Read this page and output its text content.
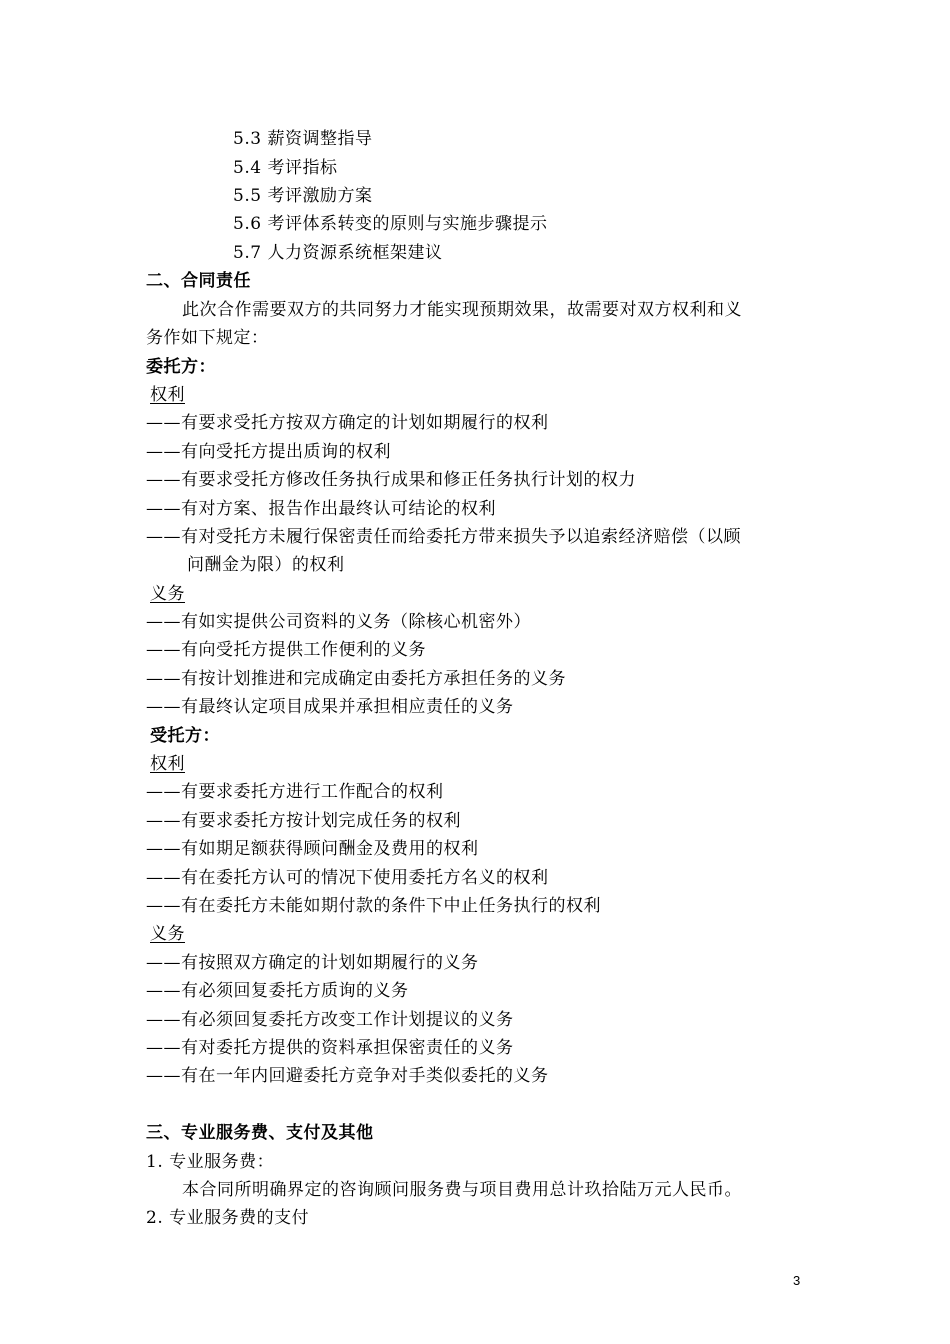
5.3 薪资调整指导
5.4 考评指标
5.5 考评激励方案
5.6 考评体系转变的原则与实施步骤提示
5.7 人力资源系统框架建议
二、合同责任
此次合作需要双方的共同努力才能实现预期效果，故需要对双方权利和义
务作如下规定：
委托方：
权利
——有要求受托方按双方确定的计划如期履行的权利
——有向受托方提出质询的权利
——有要求受托方修改任务执行成果和修正任务执行计划的权力
——有对方案、报告作出最终认可结论的权利
——有对受托方未履行保密责任而给委托方带来损失予以追索经济赔偿（以顾
问酬金为限）的权利
义务
——有如实提供公司资料的义务（除核心机密外）
——有向受托方提供工作便利的义务
——有按计划推进和完成确定由委托方承担任务的义务
——有最终认定项目成果并承担相应责任的义务
受托方：
权利
——有要求委托方进行工作配合的权利
——有要求委托方按计划完成任务的权利
——有如期足额获得顾问酬金及费用的权利
——有在委托方认可的情况下使用委托方名义的权利
——有在委托方未能如期付款的条件下中止任务执行的权利
义务
——有按照双方确定的计划如期履行的义务
——有必须回复委托方质询的义务
——有必须回复委托方改变工作计划提议的义务
——有对委托方提供的资料承担保密责任的义务
——有在一年内回避委托方竞争对手类似委托的义务
三、专业服务费、支付及其他
1. 专业服务费：
本合同所明确界定的咨询顾问服务费与项目费用总计玖拾陆万元人民币。
2. 专业服务费的支付
3
